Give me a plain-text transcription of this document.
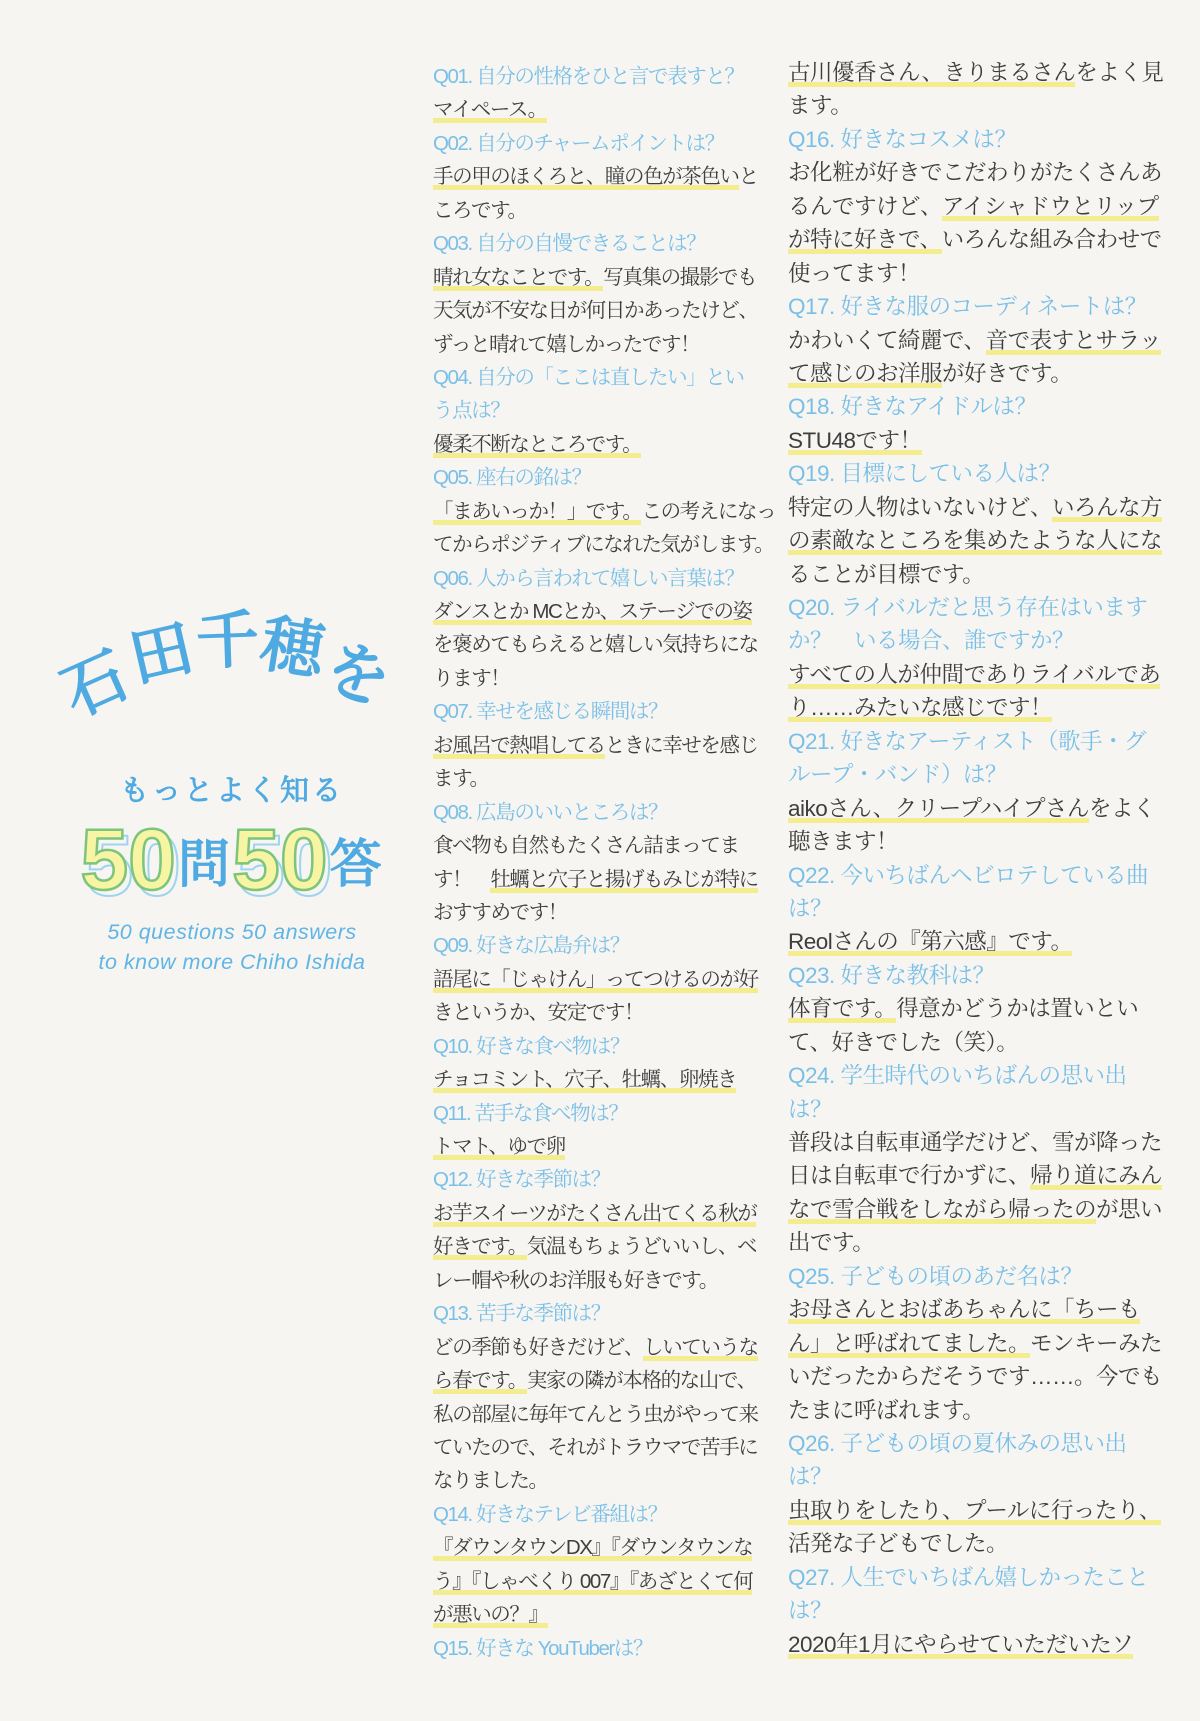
石
田
千
穂
を
もっとよく知る
50 50 問 50 50 答
50 questions 50 answers
to know more Chiho Ishida
Q01. 自分の性格をひと言で表すと？
マイペース。
Q02. 自分のチャームポイントは？
手の甲のほくろと、瞳の色が茶色いと
ころです。
Q03. 自分の自慢できることは？
晴れ女なことです。写真集の撮影でも
天気が不安な日が何日かあったけど、
ずっと晴れて嬉しかったです！
Q04. 自分の「ここは直したい」とい
う点は？
優柔不断なところです。
Q05. 座右の銘は？
「まあいっか！」です。この考えになっ
てからポジティブになれた気がします。
Q06. 人から言われて嬉しい言葉は？
ダンスとか MCとか、ステージでの姿
を褒めてもらえると嬉しい気持ちにな
ります！
Q07. 幸せを感じる瞬間は？
お風呂で熱唱してるときに幸せを感じ
ます。
Q08. 広島のいいところは？
食べ物も自然もたくさん詰まってま
す！　牡蠣と穴子と揚げもみじが特に
おすすめです！
Q09. 好きな広島弁は？
語尾に「じゃけん」ってつけるのが好
きというか、安定です！
Q10. 好きな食べ物は？
チョコミント、穴子、牡蠣、卵焼き
Q11. 苦手な食べ物は？
トマト、ゆで卵
Q12. 好きな季節は？
お芋スイーツがたくさん出てくる秋が
好きです。気温もちょうどいいし、ベ
レー帽や秋のお洋服も好きです。
Q13. 苦手な季節は？
どの季節も好きだけど、しいていうな
ら春です。実家の隣が本格的な山で、
私の部屋に毎年てんとう虫がやって来
ていたので、それがトラウマで苦手に
なりました。
Q14. 好きなテレビ番組は？
『ダウンタウンDX』『ダウンタウンな
う』『しゃべくり 007』『あざとくて何
が悪いの？』
Q15. 好きな YouTuberは？
古川優香さん、きりまるさんをよく見
ます。
Q16. 好きなコスメは？
お化粧が好きでこだわりがたくさんあ
るんですけど、アイシャドウとリップ
が特に好きで、いろんな組み合わせで
使ってます！
Q17. 好きな服のコーディネートは？
かわいくて綺麗で、音で表すとサラッ
て感じのお洋服が好きです。
Q18. 好きなアイドルは？
STU48です！
Q19. 目標にしている人は？
特定の人物はいないけど、いろんな方
の素敵なところを集めたような人にな
ることが目標です。
Q20. ライバルだと思う存在はいます
か？　いる場合、誰ですか？
すべての人が仲間でありライバルであ
り……みたいな感じです！
Q21. 好きなアーティスト（歌手・グ
ループ・バンド）は？
aikoさん、クリープハイプさんをよく
聴きます！
Q22. 今いちばんヘビロテしている曲
は？
Reolさんの『第六感』です。
Q23. 好きな教科は？
体育です。得意かどうかは置いとい
て、好きでした（笑）。
Q24. 学生時代のいちばんの思い出
は？
普段は自転車通学だけど、雪が降った
日は自転車で行かずに、帰り道にみん
なで雪合戦をしながら帰ったのが思い
出です。
Q25. 子どもの頃のあだ名は？
お母さんとおばあちゃんに「ちーも
ん」と呼ばれてました。モンキーみた
いだったからだそうです……。今でも
たまに呼ばれます。
Q26. 子どもの頃の夏休みの思い出
は？
虫取りをしたり、プールに行ったり、
活発な子どもでした。
Q27. 人生でいちばん嬉しかったこと
は？
2020年1月にやらせていただいたソ
